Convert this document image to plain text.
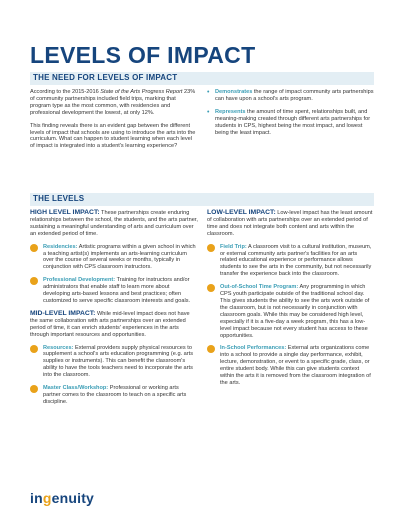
LEVELS OF IMPACT
THE NEED FOR LEVELS OF IMPACT

According to the 2015-2016 State of the Arts Progress Report 23% of community partnerships included field trips, marking that program type as the most common, with residencies and professional development the lowest, at only 12%.

This finding reveals there is an evident gap between the different levels of impact that schools are using to introduce the arts into the curriculum. What can happen to student learning when each level of impact is integrated into a student's learning experience?

• Demonstrates the range of impact community arts partnerships can have upon a school's arts program.
• Represents the amount of time spent, relationships built, and meaning-making created through different arts partnerships for students in CPS, highest being the most impact, and lowest being the least impact.
THE LEVELS

HIGH LEVEL IMPACT: These partnerships create enduring relationships between the school, the students, and the arts partner, sustaining a meaningful understanding of arts and curriculum over an extended period of time.

Residencies: Artistic programs within a given school in which a teaching artist(s) implements an arts-learning curriculum over the course of several weeks or months, typically in conjunction with CPS classroom instructors.
Professional Development: Training for instructors and/or administrators that enable staff to learn more about developing arts-based lessons and best practices; often customized to serve specific classroom interests and goals.

MID-LEVEL IMPACT: While mid-level impact does not have the same collaboration with arts partnerships over an extended period of time, it can enrich students' experiences in the arts through important resources and opportunities.

Resources: External providers supply physical resources to supplement a school's arts education programming (e.g. arts supplies or instruments). This can benefit the classroom's ability to have the tools teachers need to incorporate the arts into the classroom.
Master Class/Workshop: Professional or working arts partner comes to the classroom to teach on a specific arts discipline.

LOW-LEVEL IMPACT: Low-level impact has the least amount of collaboration with arts partnerships over an extended period of time and does not integrate both content and arts within the classroom.

Field Trip: A classroom visit to a cultural institution, museum, or external community arts partner's facilities for an arts related educational experience or performance allows students to see the arts in the community, but not necessarily transfer the experience back into the classroom.
Out-of-School Time Program: Any programming in which CPS youth participate outside of the traditional school day. This gives students the ability to see the arts work outside of the classroom, but is not necessarily in conjunction with classroom goals. While this may be considered high level, especially if it is a five-day a week program, this has a low-level impact because not every student has access to these opportunities.
In-School Performances: External arts organizations come into a school to provide a single day performance, exhibit, lecture, demonstration, or event to a specific grade, class, or entire student body. While this can give students context within the arts it is removed from the classroom integration of the arts.
ingenuity
